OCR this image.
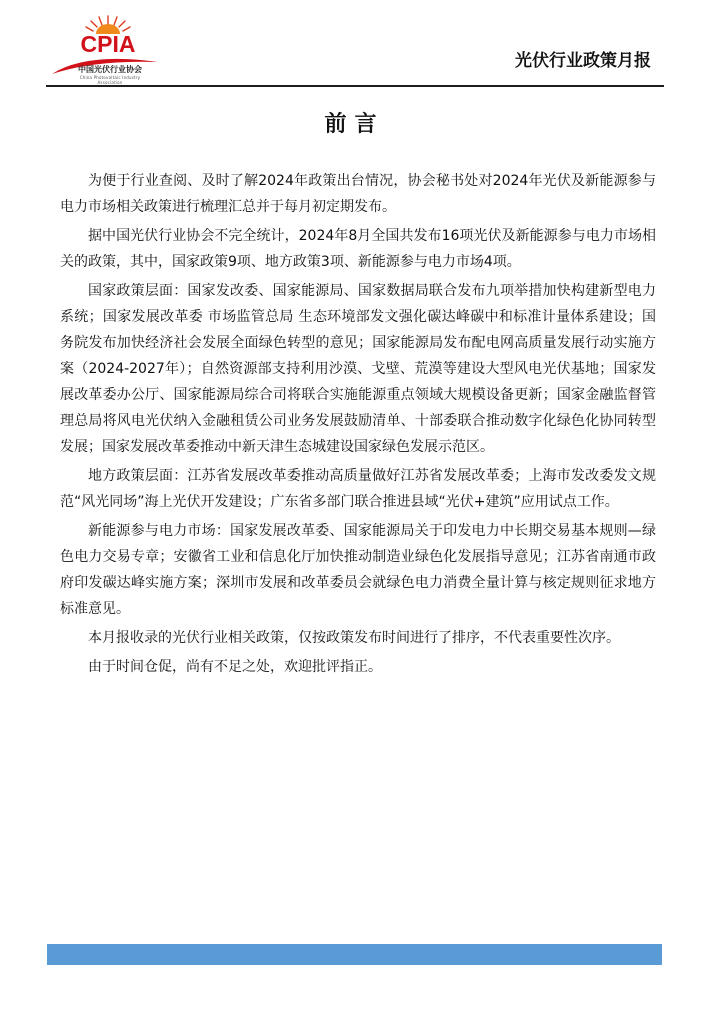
CPIA
中国光伏行业协会
China Photovoltaic Industry Association
光伏行业政策月报
前言

为便于行业查阅、及时了解2024年政策出台情况，协会秘书处对2024年光伏及新能源参与电力市场相关政策进行梳理汇总并于每月初定期发布。

据中国光伏行业协会不完全统计，2024年8月全国共发布16项光伏及新能源参与电力市场相关的政策，其中，国家政策9项、地方政策3项、新能源参与电力市场4项。

国家政策层面：国家发改委、国家能源局、国家数据局联合发布九项举措加快构建新型电力系统；国家发展改革委 市场监管总局 生态环境部发文强化碳达峰碳中和标准计量体系建设；国务院发布加快经济社会发展全面绿色转型的意见；国家能源局发布配电网高质量发展行动实施方案（2024-2027年）；自然资源部支持利用沙漠、戈壁、荒漠等建设大型风电光伏基地；国家发展改革委办公厅、国家能源局综合司将联合实施能源重点领域大规模设备更新；国家金融监督管理总局将风电光伏纳入金融租赁公司业务发展鼓励清单、十部委联合推动数字化绿色化协同转型发展；国家发展改革委推动中新天津生态城建设国家绿色发展示范区。

地方政策层面：江苏省发展改革委推动高质量做好江苏省发展改革委；上海市发改委发文规范“风光同场”海上光伏开发建设；广东省多部门联合推进县域“光伏+建筑”应用试点工作。

新能源参与电力市场：国家发展改革委、国家能源局关于印发电力中长期交易基本规则—绿色电力交易专章；安徽省工业和信息化厅加快推动制造业绿色化发展指导意见；江苏省南通市政府印发碳达峰实施方案；深圳市发展和改革委员会就绿色电力消费全量计算与核定规则征求地方标准意见。

本月报收录的光伏行业相关政策，仅按政策发布时间进行了排序，不代表重要性次序。

由于时间仓促，尚有不足之处，欢迎批评指正。
